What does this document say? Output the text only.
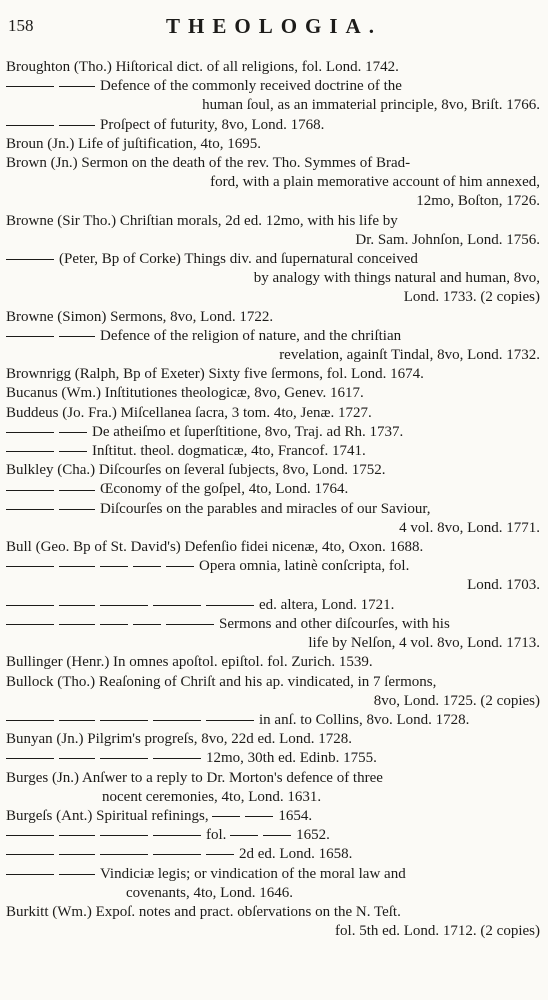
158	THEOLOGIA.
Broughton (Tho.) Hiſtorical dict. of all religions, fol. Lond. 1742.
Defence of the commonly received doctrine of the
human ſoul, as an immaterial principle, 8vo, Briſt. 1766.
Proſpect of futurity, 8vo, Lond. 1768.
Broun (Jn.) Life of juſtification, 4to, 1695.
Brown (Jn.) Sermon on the death of the rev. Tho. Symmes of Brad-
ford, with a plain memorative account of him annexed,
12mo, Boſton, 1726.
Browne (Sir Tho.) Chriſtian morals, 2d ed. 12mo, with his life by
Dr. Sam. Johnſon, Lond. 1756.
(Peter, Bp of Corke) Things div. and ſupernatural conceived
by analogy with things natural and human, 8vo,
Lond. 1733. (2 copies)
Browne (Simon) Sermons, 8vo, Lond. 1722.
Defence of the religion of nature, and the chriſtian
revelation, againſt Tindal, 8vo, Lond. 1732.
Brownrigg (Ralph, Bp of Exeter) Sixty five ſermons, fol. Lond. 1674.
Bucanus (Wm.) Inſtitutiones theologicæ, 8vo, Genev. 1617.
Buddeus (Jo. Fra.) Miſcellanea ſacra, 3 tom. 4to, Jenæ. 1727.
De atheiſmo et ſuperſtitione, 8vo, Traj. ad Rh. 1737.
Inſtitut. theol. dogmaticæ, 4to, Francof. 1741.
Bulkley (Cha.) Diſcourſes on ſeveral ſubjects, 8vo, Lond. 1752.
Œconomy of the goſpel, 4to, Lond. 1764.
Diſcourſes on the parables and miracles of our Saviour,
4 vol. 8vo, Lond. 1771.
Bull (Geo. Bp of St. David's) Defenſio fidei nicenæ, 4to, Oxon. 1688.
Opera omnia, latinè conſcripta, fol.
Lond. 1703.
ed. altera, Lond. 1721.
Sermons and other diſcourſes, with his
life by Nelſon, 4 vol. 8vo, Lond. 1713.
Bullinger (Henr.) In omnes apoſtol. epiſtol. fol. Zurich. 1539.
Bullock (Tho.) Reaſoning of Chriſt and his ap. vindicated, in 7 ſermons,
8vo, Lond. 1725. (2 copies)
in anſ. to Collins, 8vo. Lond. 1728.
Bunyan (Jn.) Pilgrim's progreſs, 8vo, 22d ed. Lond. 1728.
12mo, 30th ed. Edinb. 1755.
Burges (Jn.) Anſwer to a reply to Dr. Morton's defence of three
nocent ceremonies, 4to, Lond. 1631.
Burgeſs (Ant.) Spiritual refinings,	1654.
fol.	1652.
2d ed. Lond. 1658.
Vindiciæ legis; or vindication of the moral law and
covenants, 4to, Lond. 1646.
Burkitt (Wm.) Expoſ. notes and pract. obſervations on the N. Teſt.
fol. 5th ed. Lond. 1712. (2 copies)
